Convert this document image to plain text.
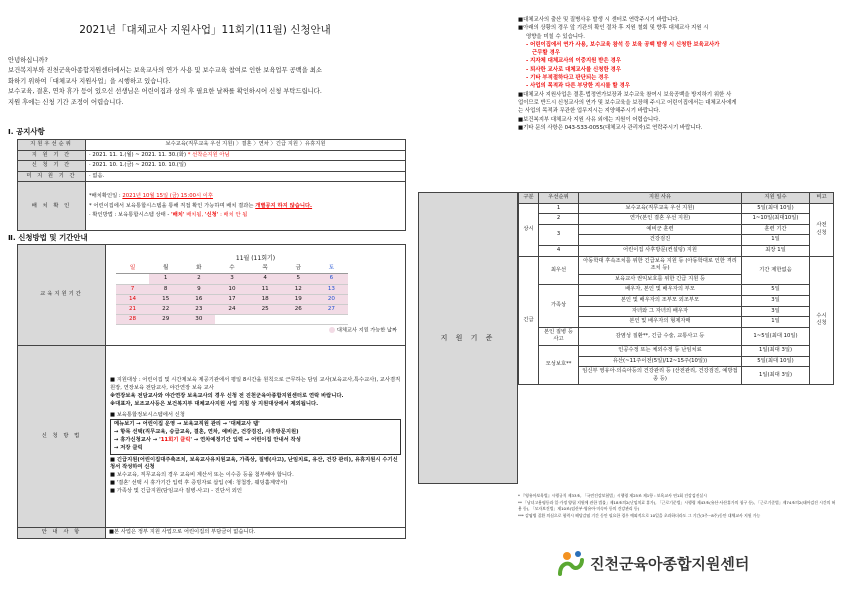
2021년「대체교사 지원사업」11회기(11월) 신청안내
안녕하십니까?
보건복지부와 진천군육아종합지원센터에서는 보육교사의 연가 사용 및 보수교육 참여로 인한 보육업무 공백을 최소
화하기 위하여「대체교사 지원사업」을 시행하고 있습니다.
보수교육, 결혼, 연차 휴가 등이 있으신 선생님은 어린이집과 상의 후 필요한 날짜를 확인하시어 신청 부탁드립니다.
지원 후에는 신청 기간 조정이 어렵습니다.
Ⅰ. 공지사항
지원우선순위	보수교육(직무교육 우선 지원) 〉결혼 〉연차 〉긴급 지원 〉유휴지원
지 원 기 간	· 2021. 11. 1.(월) ~ 2021. 11. 30.(화) * 선착순지원 아님
신 청 기 간	· 2021. 10. 1.(금) ~ 2021. 10. 10.(일)
미 지 원 기 간	· 없음.
배 치 확 인	*배치확인일 : 2021년 10월 15일 (금) 15:00시 이후
* 어린이집에서 보육통합시스템을 통해 직접 확인 가능하며 배치 결과는 개별공지 하지 않습니다.
· 확인방법 : 보육통합시스템 상태 - '배치' 배치됨, '신청' : 배치 안 됨
Ⅱ. 신청방법 및 기간안내
교육지원기간	
11월 (11회기)
일	월	화	수	목	금	토
	1	2	3	4	5	6
7	8	9	10	11	12	13
14	15	16	17	18	19	20
21	22	23	24	25	26	27
28	29	30				
대체교사 지원 가능한 날짜

신 청 방 법	
■ 지원대상 : 어린이집 및 시간제보육 제공기관에서 평일 8시간을 원칙으로 근무하는 담임 교사(보육교사,특수교사), 교사겸직원장, 연장보육 전담교사, 야간연장 보육 교사
※연장보육 전담교사와 야간연장 보육교사의 경우 신청 전 진천군육아종합지원센터로 연락 바랍니다.
※대표자, 보조교사등은 보건복지부 대체교사지원 사업 지침 상 지원대상에서 제외됩니다.
■ 보육통합정보시스템에서 신청
메뉴보기 → 어린이집 운영 → 보육교직원 관리 → '대체교사 탭'
→ 항목 선택(직무교육, 승급교육, 결혼, 연차, 예비군, 건강검진, 사후방문지원)
→ 휴가신청교사 → '11회기 클릭' → 연차예정기간 입력 → 어린이집 안내서 작성
→ 저장 클릭
■ 긴급지원(어린이집대주축조치, 보육교사유치원교육, 가족상, 질병(사고), 난임치료, 유산, 건강 관리), 유휴지원시 수기신청서 작성하여 신청
■ 보수교육, 직무교육의 경우 교육비 계산서 또는 이수증 등을 첨부해야 합니다.
■ '결혼' 선택 시 휴가기간 입력 후 증빙자료 삽입 (예: 청첩장, 웨딩홀계약서)
■ 가족상 및 긴급지원(담임교사 질병·사고) - 진단서 외인

안 내 사 항	■본 사업은 정부 지원 사업으로 어린이집의 부담금이 없습니다.
■대체교사의 출산 및 질병사유 발생 시 센터로 연락주시기 바랍니다.
■아래의 상황의 경우 앞 기관의 확인 절차 후 지원 철회 및 향후 대체교사 지원 시
영향을 미칠 수 있습니다.
- 어린이집에서 연가 사용, 보수교육 참석 등 보육 공백 발생 시 신청한 보육교사가
근무할 경우
- 지자체 대체교사의 이중지원 받은 경우
- 퇴사한 교사로 대체교사를 신청한 경우
- 기타 부적절하다고 판단되는 경우
- 사업의 목적과 다른 부당한 지시를 할 경우
■대체교사 지원사업은 결혼·법정연가보장과 보수교육 참여시 보육공백을 방지하기 위한 사
업이므로 반드시 신청교사의 연가 및 보수교육을 보장해 주시고 어린이집에서는 대체교사에게
는 사업의 목적과 무관한 업무지시는 지양해주시기 바랍니다.
■보건복지부 대체교사 지원 사유 외에는 지원이 어렵습니다.
■기타 문의 사항은 043-533-0055(대체교사 관리자)로 연락주시기 바랍니다.
지 원 기 준
구분	우선순위	지원 사유	지원 일수	비고
상시	1	보수교육(직무교육 우선 지원)	5일(최대 10일)	사전 신청
	2	연가(본인 결혼 우선 지원)	1~10일(최대10일)	
	3	예비군 훈련	훈련 기간	
		건강검진	1일	
	4	어린이집 사후방문(컨설팅) 지원	최장 1일	
긴급	최우선	아동학대 후속조치를 위한 긴급보육 지원 등 (아동학대로 인한 격리조치 등)	기간 제한없음	수시 신청
		보육교사 권익보호를 위한 긴급 지원 등		
	가족상	배우자, 본인 및 배우자의 부모	5일	
		본인 및 배우자의 조부모 외조부모	3일	
		자녀와 그 자녀의 배우자	3일	
		본인 및 배우자의 형제자매	1일	
	본인 질병 등 사고	감염성 질환**, 긴급 수술, 교통사고 등	1~5일(최대 10일)	
	모성보호**	인공수정 또는 체외수정 등 난임치료	1일(최대 3일)	
		유산(~11주이전(5일)/12~15주(10일))	5일(최대 10일)	
		임신부 영유아·의숙아등의 건강관리 등 (산전관리, 건강검진, 예방접종 등)	1일(최대 3일)	
* 『영유아보육법』시행규칙 제33조, 「국민건강보험법」시행령 제25조 제1항 : 보육교사 연1회 건강검진실시
** 「남녀고용평등과 일·가정 양립 지원에 관한 법률」제18조의2(난임치료 휴가), 「근로기준법」시행령 제43조(유산·사산휴가의 청구 등), 「근로기준법」제74조의2(태아검진 시간의 허용 등), 「모자보건법」제10조(임산부·영유아·미숙아 등의 건강관리 등)
*** 감염병 질환 의심으로 협력시 해당감염 기간 동안 필요한 경우 예외적으로 10일을 초과하더라도 그 기간(3주~8주)동안 대체교사 지원 가능
진천군육아종합지원센터
